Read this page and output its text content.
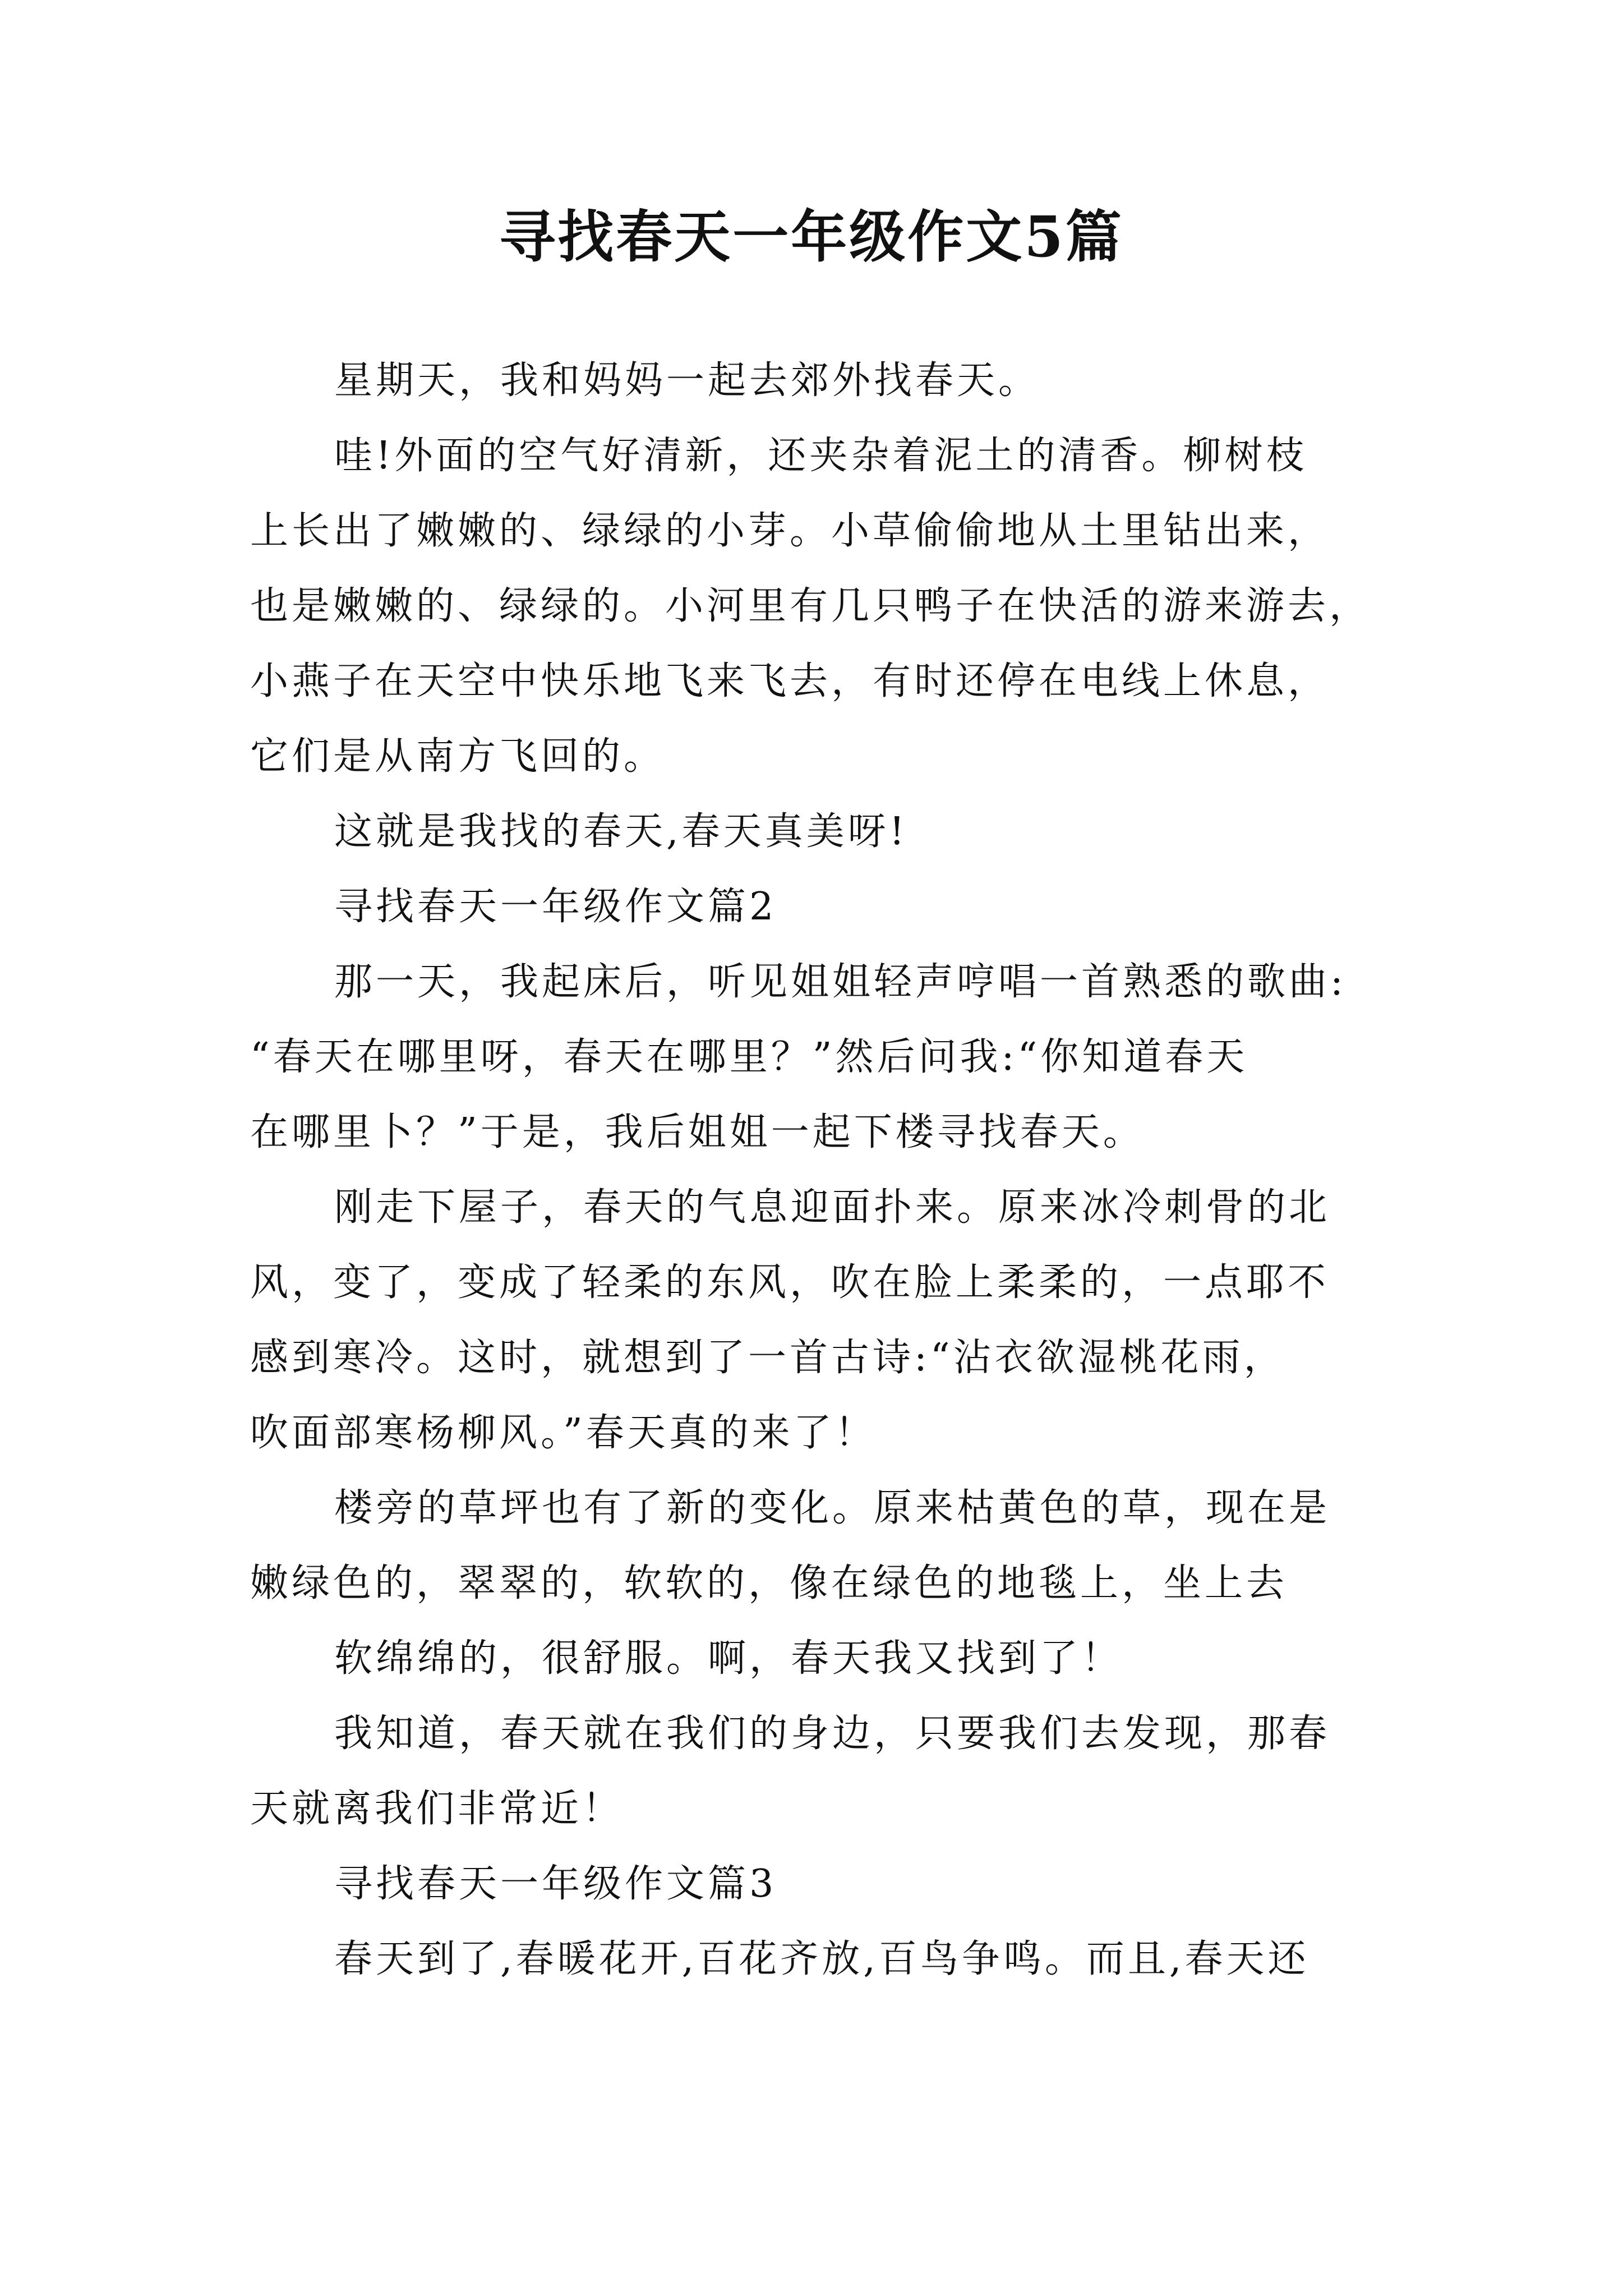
寻找春天一年级作文5篇
星期天，我和妈妈一起去郊外找春天。
哇!外面的空气好清新，还夹杂着泥土的清香。柳树枝
上长出了嫩嫩的、绿绿的小芽。小草偷偷地从土里钻出来，
也是嫩嫩的、绿绿的。小河里有几只鸭子在快活的游来游去，
小燕子在天空中快乐地飞来飞去，有时还停在电线上休息，
它们是从南方飞回的。
这就是我找的春天,春天真美呀!
寻找春天一年级作文篇2
那一天，我起床后，听见姐姐轻声哼唱一首熟悉的歌曲:
“春天在哪里呀，春天在哪里？”然后问我:“你知道春天
在哪里卜？”于是，我后姐姐一起下楼寻找春天。
刚走下屋子，春天的气息迎面扑来。原来冰冷刺骨的北
风，变了，变成了轻柔的东风，吹在脸上柔柔的，一点耶不
感到寒冷。这时，就想到了一首古诗:“沾衣欲湿桃花雨，
吹面部寒杨柳风。”春天真的来了！
楼旁的草坪也有了新的变化。原来枯黄色的草，现在是
嫩绿色的，翠翠的，软软的，像在绿色的地毯上，坐上去
软绵绵的，很舒服。啊，春天我又找到了！
我知道，春天就在我们的身边，只要我们去发现，那春
天就离我们非常近！
寻找春天一年级作文篇3
春天到了,春暖花开,百花齐放,百鸟争鸣。而且,春天还
